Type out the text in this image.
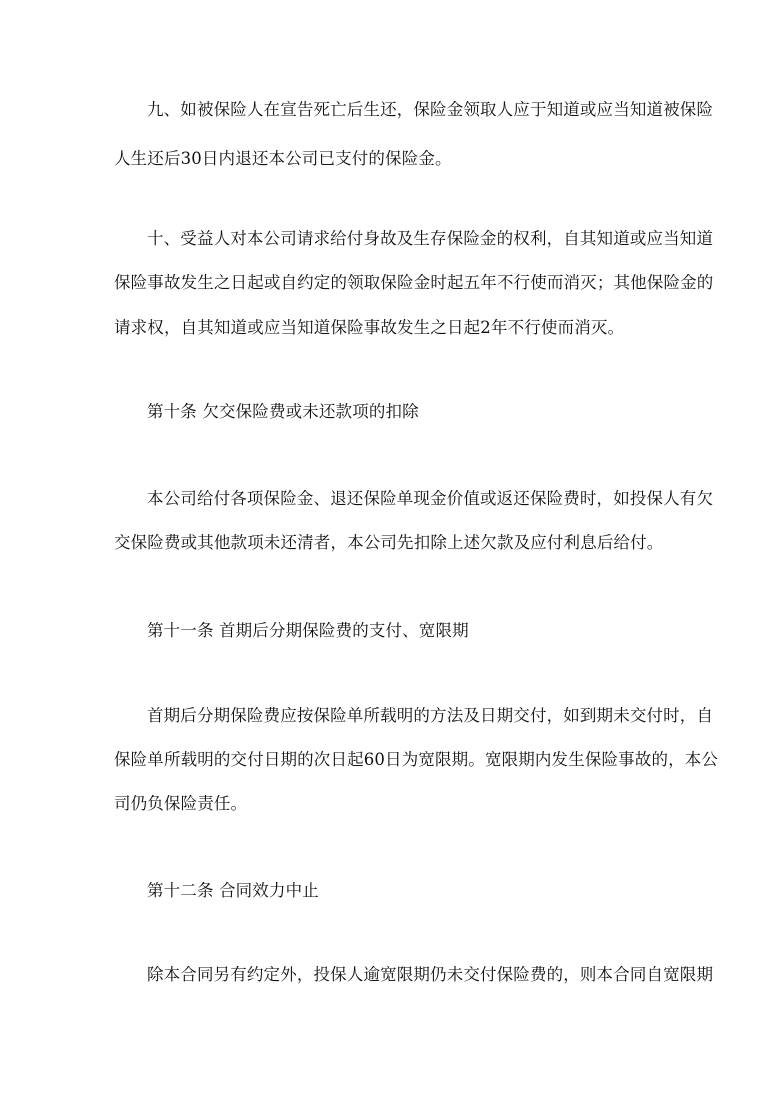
九、如被保险人在宣告死亡后生还，保险金领取人应于知道或应当知道被保险
人生还后30日内退还本公司已支付的保险金。
十、受益人对本公司请求给付身故及生存保险金的权利，自其知道或应当知道
保险事故发生之日起或自约定的领取保险金时起五年不行使而消灭；其他保险金的
请求权，自其知道或应当知道保险事故发生之日起2年不行使而消灭。
第十条 欠交保险费或未还款项的扣除
本公司给付各项保险金、退还保险单现金价值或返还保险费时，如投保人有欠
交保险费或其他款项未还清者，本公司先扣除上述欠款及应付利息后给付。
第十一条 首期后分期保险费的支付、宽限期
首期后分期保险费应按保险单所载明的方法及日期交付，如到期未交付时，自
保险单所载明的交付日期的次日起60日为宽限期。宽限期内发生保险事故的，本公
司仍负保险责任。
第十二条 合同效力中止
除本合同另有约定外，投保人逾宽限期仍未交付保险费的，则本合同自宽限期
